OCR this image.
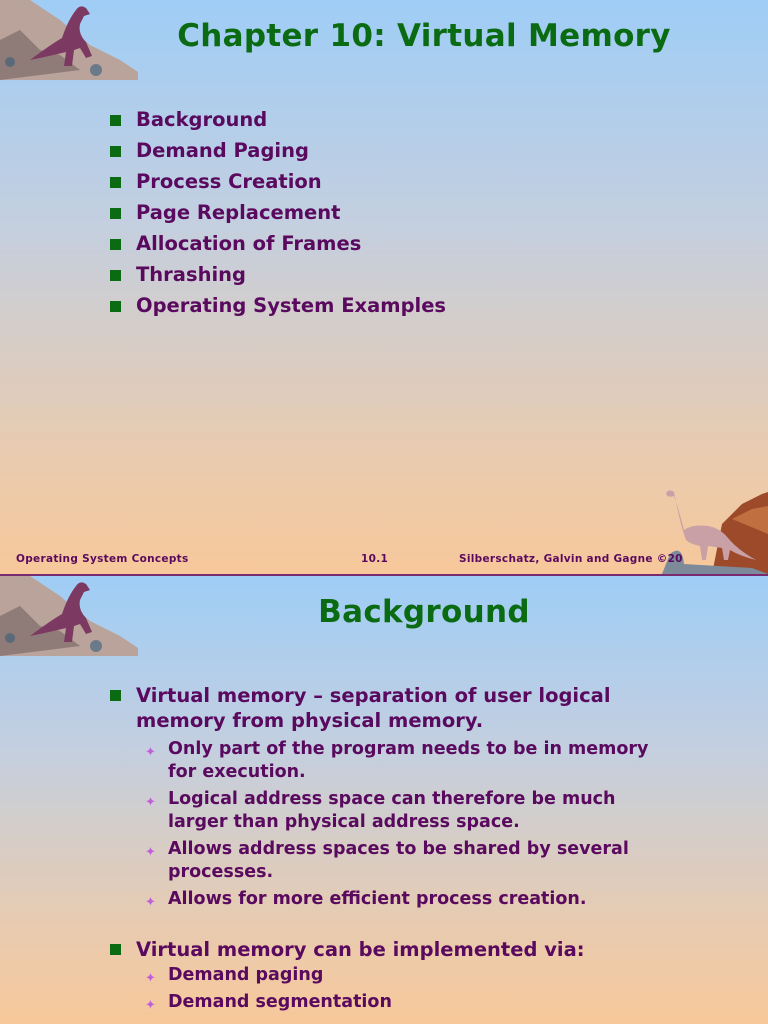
Chapter 10: Virtual Memory
Background
Demand Paging
Process Creation
Page Replacement
Allocation of Frames
Thrashing
Operating System Examples
Operating System Concepts	10.1	Silberschatz, Galvin and Gagne ©20
Background
Virtual memory – separation of user logical
memory from physical memory.
✦ Only part of the program needs to be in memory
for execution.
✦ Logical address space can therefore be much
larger than physical address space.
✦ Allows address spaces to be shared by several
processes.
✦ Allows for more efficient process creation.
Virtual memory can be implemented via:
✦ Demand paging
✦ Demand segmentation
